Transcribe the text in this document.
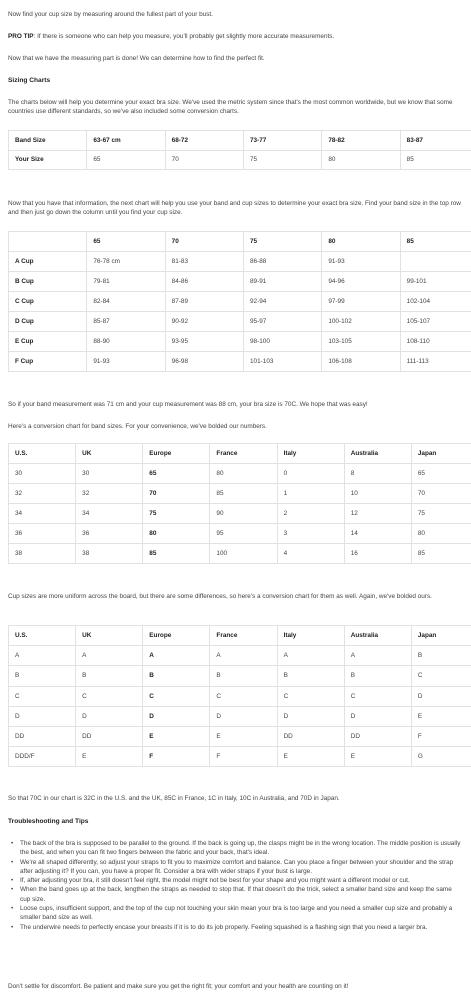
Now find your cup size by measuring around the fullest part of your bust.

PRO TIP: If there is someone who can help you measure, you'll probably get slightly more accurate measurements.

Now that we have the measuring part is done! We can determine how to find the perfect fit.

Sizing Charts

The charts below will help you determine your exact bra size. We've used the metric system since that's the most common worldwide, but we know that some countries use different standards, so we've also included some conversion charts.

Band Size	63-67 cm	68-72	73-77	78-82	83-87
Your Size	65	70	75	80	85

Now that you have that information, the next chart will help you use your band and cup sizes to determine your exact bra size. Find your band size in the top row and then just go down the column until you find your cup size.

	65	70	75	80	85
A Cup	76-78 cm	81-83	86-88	91-93	
B Cup	79-81	84-86	89-91	94-96	99-101
C Cup	82-84	87-89	92-94	97-99	102-104
D Cup	85-87	90-92	95-97	100-102	105-107
E Cup	88-90	93-95	98-100	103-105	108-110
F Cup	91-93	96-98	101-103	106-108	111-113

So if your band measurement was 71 cm and your cup measurement was 88 cm, your bra size is 70C. We hope that was easy!

Here's a conversion chart for band sizes. For your convenience, we've bolded our numbers.

U.S.	UK	Europe	France	Italy	Australia	Japan
30	30	65	80	0	8	65
32	32	70	85	1	10	70
34	34	75	90	2	12	75
36	36	80	95	3	14	80
38	38	85	100	4	16	85

Cup sizes are more uniform across the board, but there are some differences, so here's a conversion chart for them as well. Again, we've bolded ours.

U.S.	UK	Europe	France	Italy	Australia	Japan
A	A	A	A	A	A	B
B	B	B	B	B	B	C
C	C	C	C	C	C	D
D	D	D	D	D	D	E
DD	DD	E	E	DD	DD	F
DDD/F	E	F	F	E	E	G

So that 70C in our chart is 32C in the U.S. and the UK, 85C in France, 1C in Italy, 10C in Australia, and 70D in Japan.

Troubleshooting and Tips
• The back of the bra is supposed to be parallel to the ground. If the back is going up, the clasps might be in the wrong location. The middle position is usually the best, and when you can fit two fingers between the fabric and your back, that's ideal.
• We're all shaped differently, so adjust your straps to fit you to maximize comfort and balance. Can you place a finger between your shoulder and the strap after adjusting it? If you can, you have a proper fit. Consider a bra with wider straps if your bust is large.
• If, after adjusting your bra, it still doesn't feel right, the model might not be best for your shape and you might want a different model or cut.
• When the band goes up at the back, lengthen the straps as needed to stop that. If that doesn't do the trick, select a smaller band size and keep the same cup size.
• Loose cups, insufficient support, and the top of the cup not touching your skin mean your bra is too large and you need a smaller cup size and probably a smaller band size as well.
• The underwire needs to perfectly encase your breasts if it is to do its job properly. Feeling squashed is a flashing sign that you need a larger bra.

Don't settle for discomfort. Be patient and make sure you get the right fit; your comfort and your health are counting on it!
